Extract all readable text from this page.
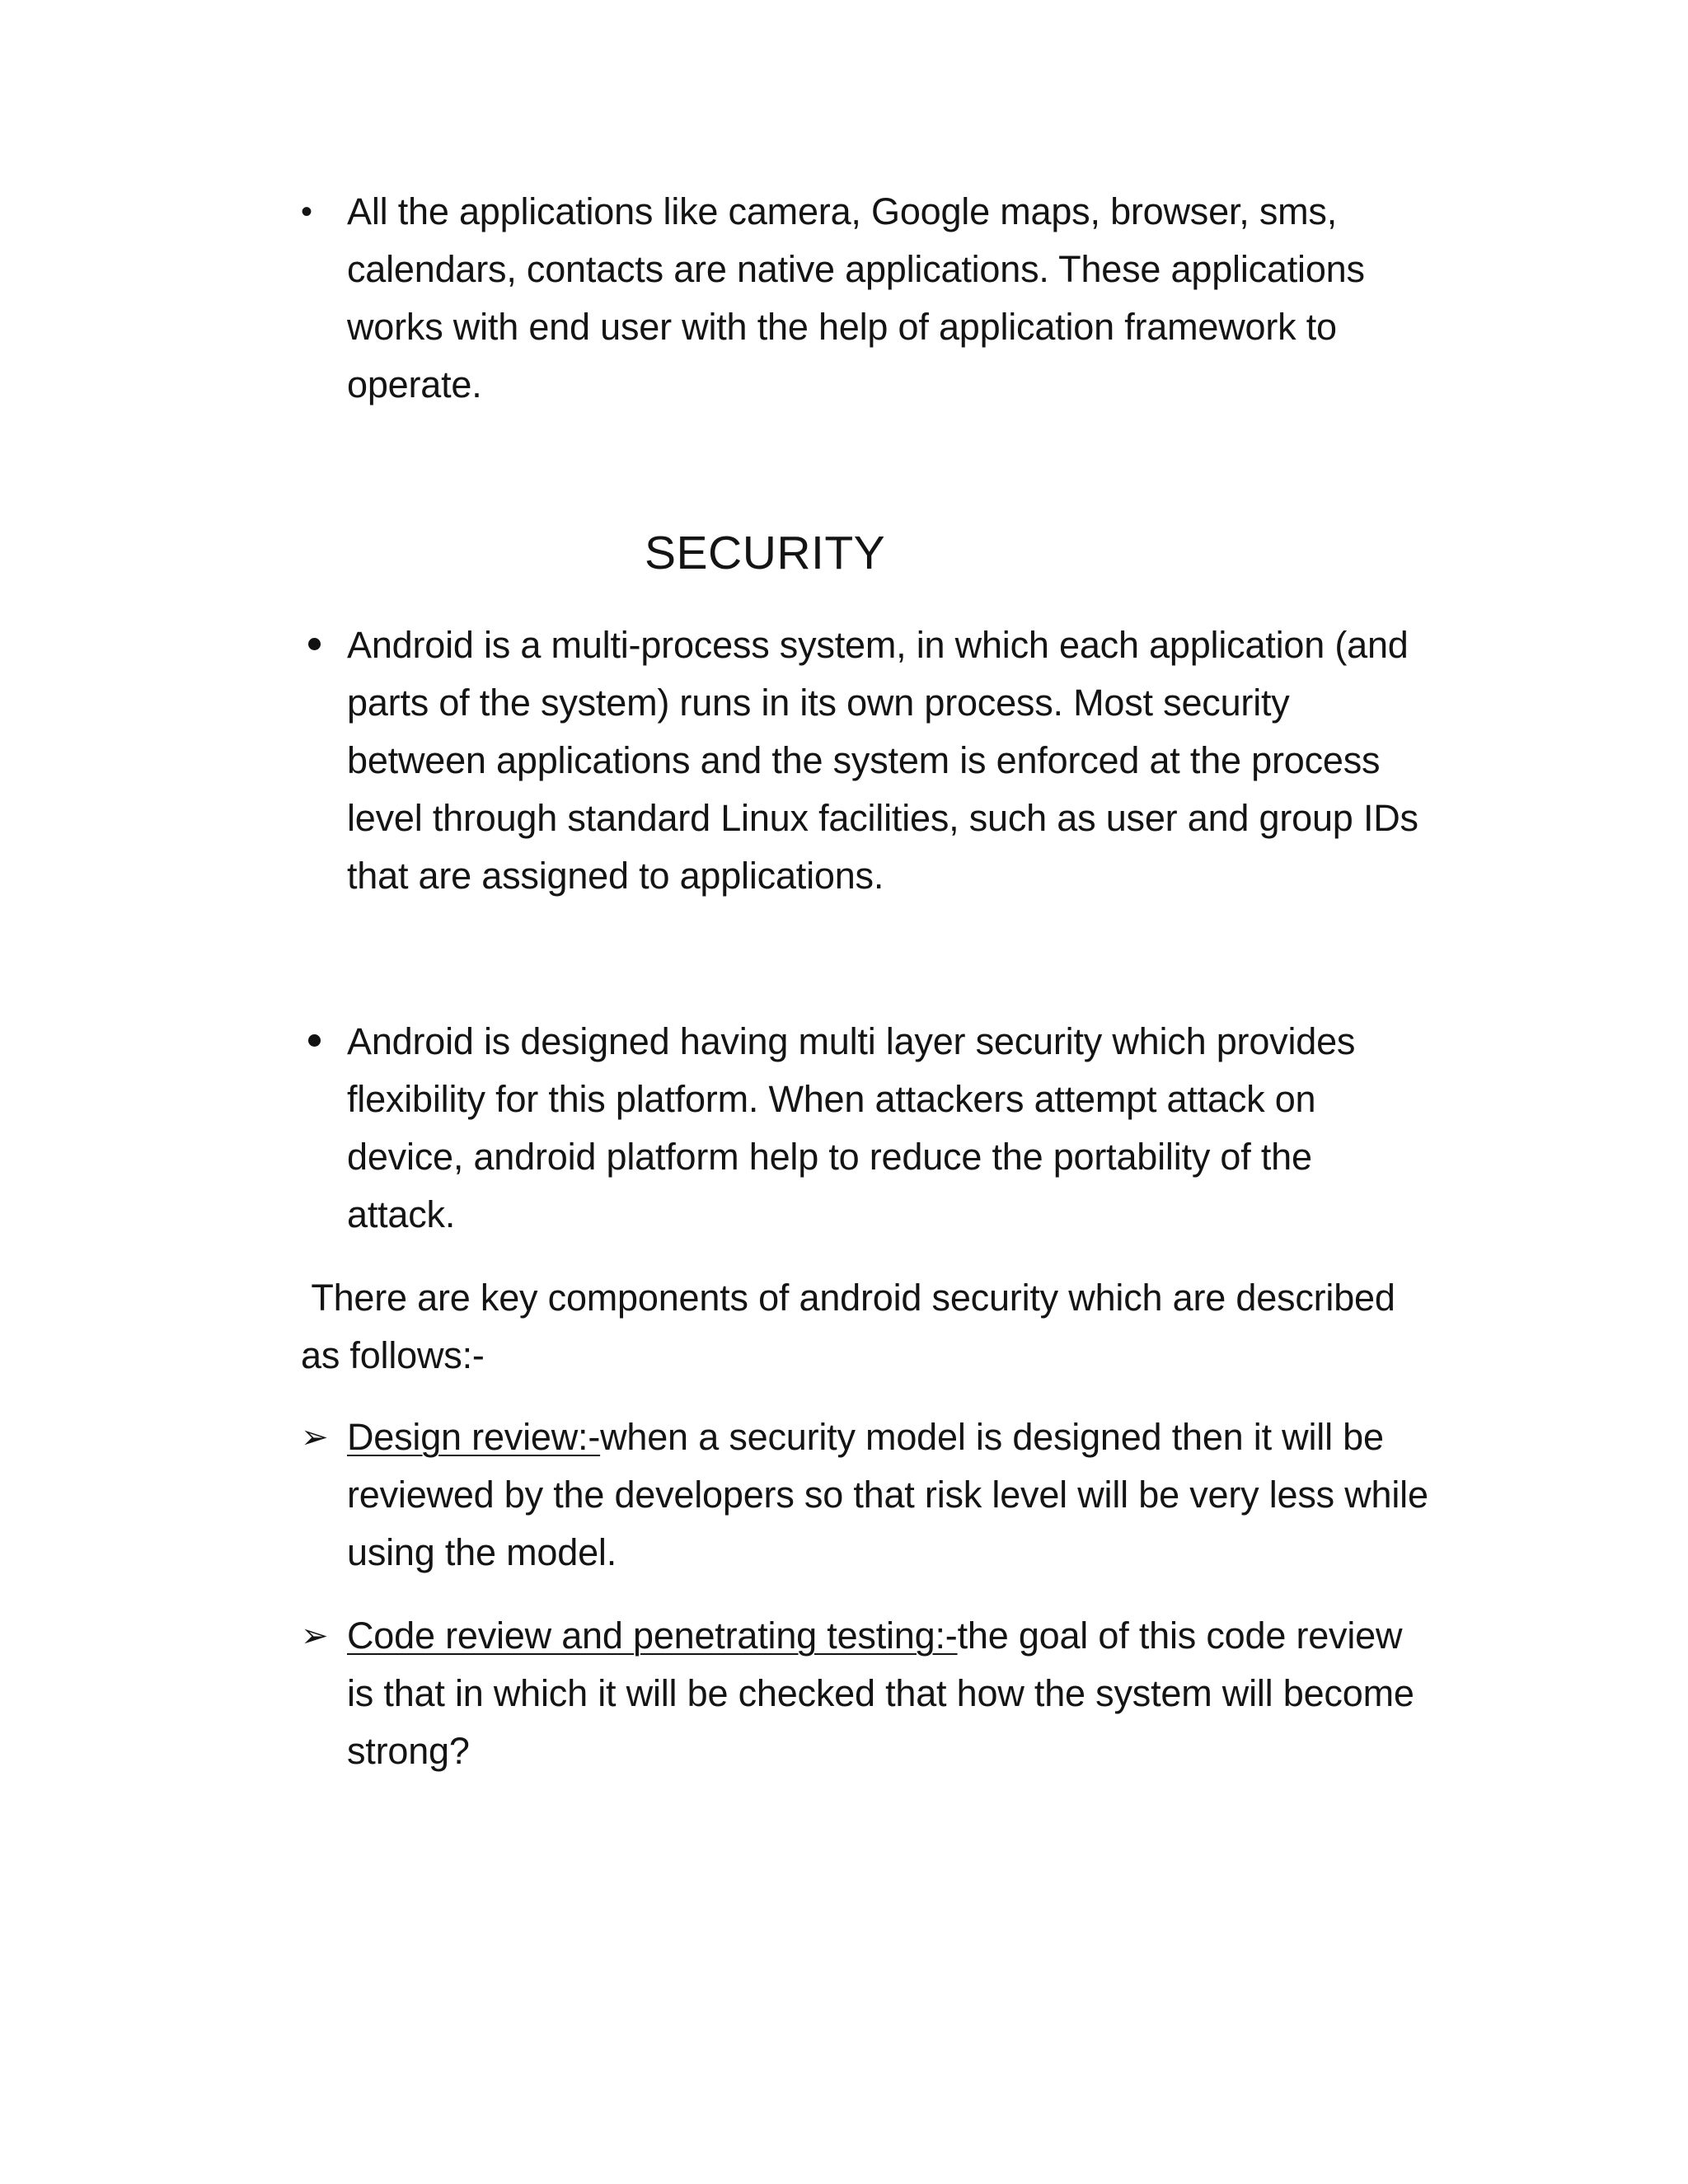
• All the applications like camera, Google maps, browser, sms, calendars, contacts are native applications. These applications works with end user with the help of application framework to operate.
SECURITY
Android is a multi-process system, in which each application (and parts of the system) runs in its own process. Most security between applications and the system is enforced at the process level through standard Linux facilities, such as user and group IDs that are assigned to applications.
Android is designed having multi layer security which provides flexibility for this platform. When attackers attempt attack on device, android platform help to reduce the portability of the attack.
There are key components of android security which are described as follows:-
➢ Design review:-when a security model is designed then it will be reviewed by the developers so that risk level will be very less while using the model.
➢ Code review and penetrating testing:-the goal of this code review is that in which it will be checked that how the system will become strong?
